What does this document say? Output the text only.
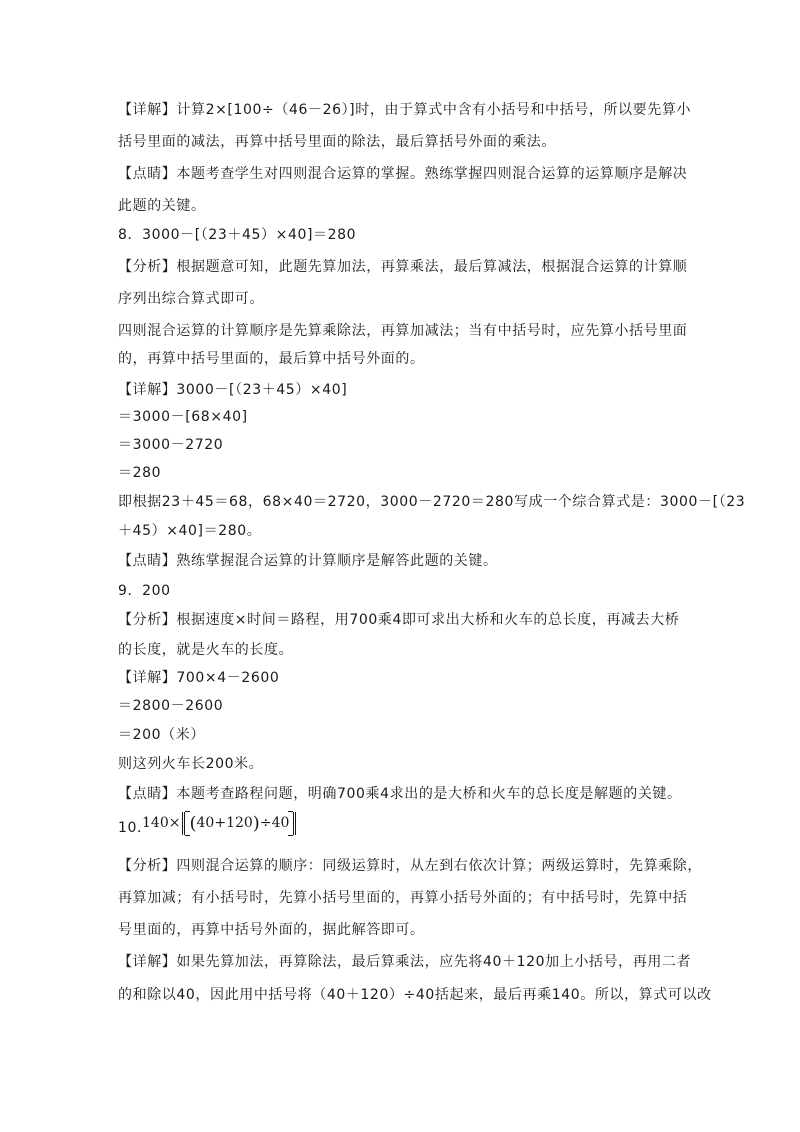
【详解】计算2×[100÷（46－26）]时，由于算式中含有小括号和中括号，所以要先算小
括号里面的减法，再算中括号里面的除法，最后算括号外面的乘法。
【点睛】本题考查学生对四则混合运算的掌握。熟练掌握四则混合运算的运算顺序是解决
此题的关键。
8．3000－[（23＋45）×40]＝280
【分析】根据题意可知，此题先算加法，再算乘法，最后算减法，根据混合运算的计算顺
序列出综合算式即可。
四则混合运算的计算顺序是先算乘除法，再算加减法；当有中括号时，应先算小括号里面
的，再算中括号里面的，最后算中括号外面的。
【详解】3000－[（23＋45）×40]
＝3000－[68×40]
＝3000－2720
＝280
即根据23＋45＝68，68×40＝2720，3000－2720＝280写成一个综合算式是：3000－[（23
＋45）×40]＝280。
【点睛】熟练掌握混合运算的计算顺序是解答此题的关键。
9．200
【分析】根据速度×时间＝路程，用700乘4即可求出大桥和火车的总长度，再减去大桥
的长度，就是火车的长度。
【详解】700×4－2600
＝2800－2600
＝200（米）
则这列火车长200米。
【点睛】本题考查路程问题，明确700乘4求出的是大桥和火车的总长度是解题的关键。
10．
140 × ( 40 + 120 ) ÷ 40
【分析】四则混合运算的顺序：同级运算时，从左到右依次计算；两级运算时，先算乘除，
再算加减；有小括号时，先算小括号里面的，再算小括号外面的；有中括号时，先算中括
号里面的，再算中括号外面的，据此解答即可。
【详解】如果先算加法，再算除法，最后算乘法，应先将40＋120加上小括号，再用二者
的和除以40，因此用中括号将（40＋120）÷40括起来，最后再乘140。所以，算式可以改
